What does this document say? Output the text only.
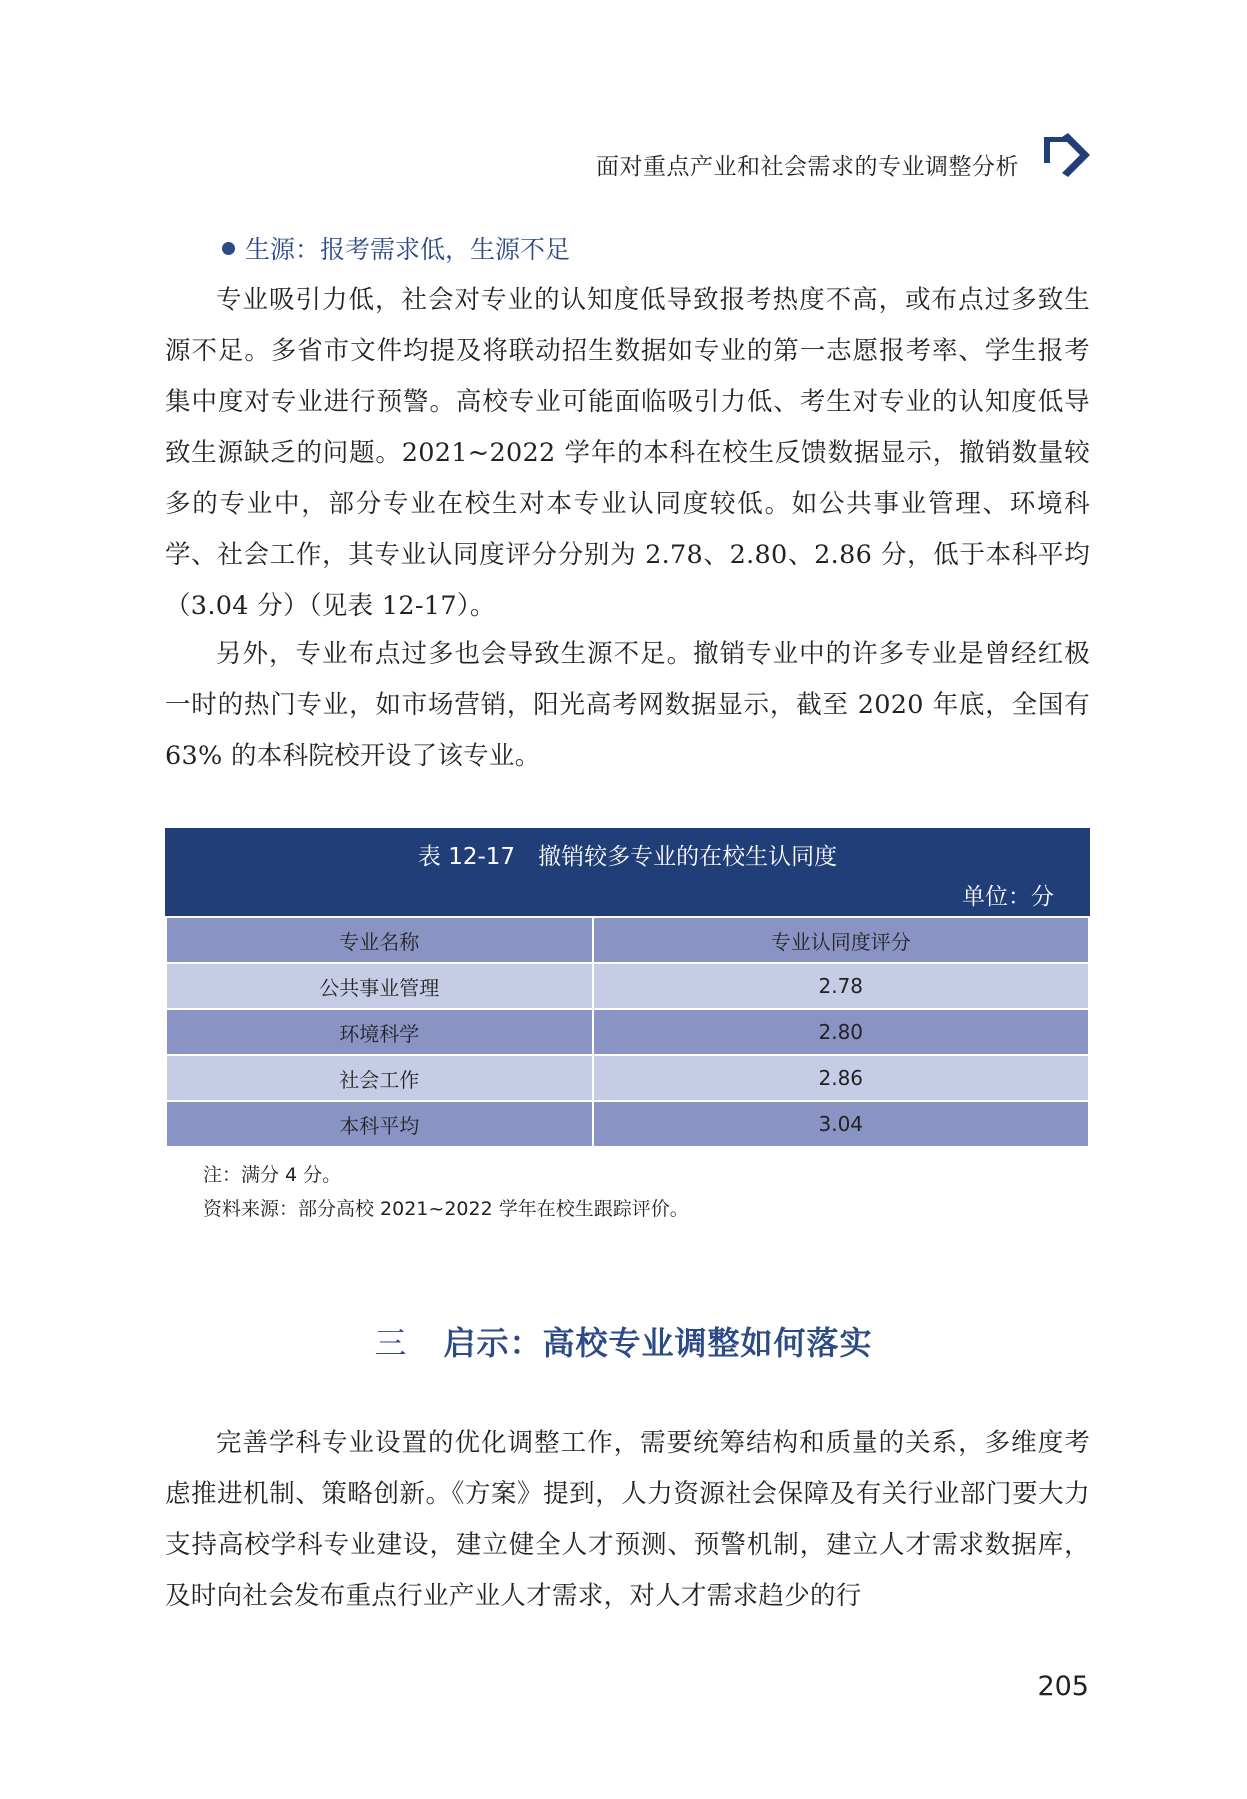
面对重点产业和社会需求的专业调整分析
生源：报考需求低，生源不足

专业吸引力低，社会对专业的认知度低导致报考热度不高，或布点过多致生源不足。多省市文件均提及将联动招生数据如专业的第一志愿报考率、学生报考集中度对专业进行预警。高校专业可能面临吸引力低、考生对专业的认知度低导致生源缺乏的问题。2021~2022 学年的本科在校生反馈数据显示，撤销数量较多的专业中，部分专业在校生对本专业认同度较低。如公共事业管理、环境科学、社会工作，其专业认同度评分分别为 2.78、2.80、2.86 分，低于本科平均（3.04 分）（见表 12-17）。

另外，专业布点过多也会导致生源不足。撤销专业中的许多专业是曾经红极一时的热门专业，如市场营销，阳光高考网数据显示，截至 2020 年底，全国有 63% 的本科院校开设了该专业。

表 12-17　撤销较多专业的在校生认同度
单位：分
专业名称	专业认同度评分
公共事业管理	2.78
环境科学	2.80
社会工作	2.86
本科平均	3.04
注：满分 4 分。
资料来源：部分高校 2021~2022 学年在校生跟踪评价。
三 启示：高校专业调整如何落实

完善学科专业设置的优化调整工作，需要统筹结构和质量的关系，多维度考虑推进机制、策略创新。《方案》提到，人力资源社会保障及有关行业部门要大力支持高校学科专业建设，建立健全人才预测、预警机制，建立人才需求数据库，及时向社会发布重点行业产业人才需求，对人才需求趋少的行

205
